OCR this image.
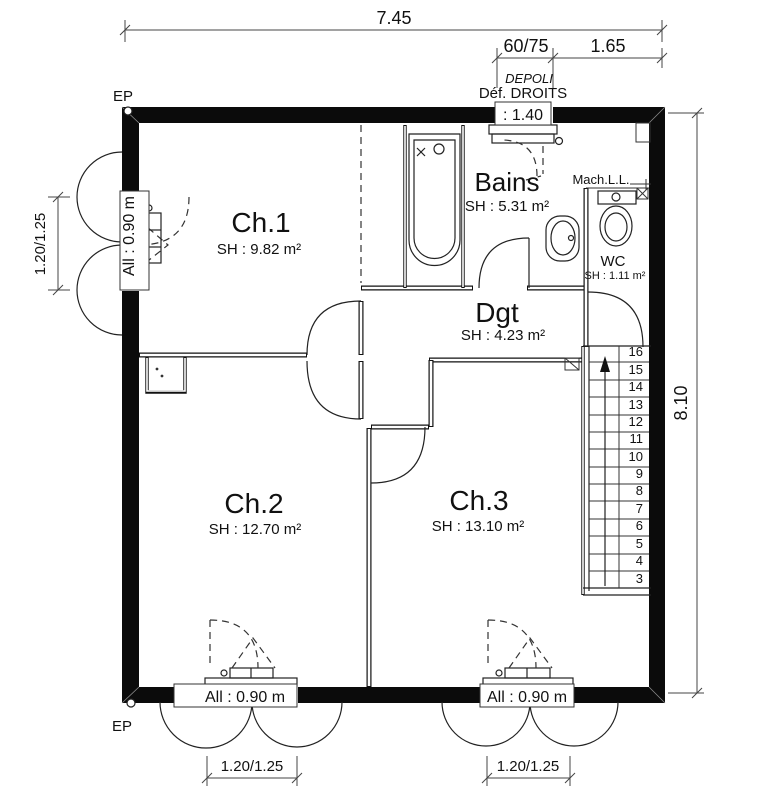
7.45
60/75 1.65
DEPOLI
Déf. DROITS
8.10
1.20/1.25	All : 0.90 m
: 1.40
EP
EP
16
15
14
13
12
11
10
9
8
7
6
5
4
3
All : 0.90 m
1.20/1.25
All : 0.90 m
1.20/1.25
Ch.1
SH : 9.82 m²
Bains
SH : 5.31 m²
Mach.L.L.
WC
SH : 1.11 m²
Dgt
SH : 4.23 m²
Ch.2
SH : 12.70 m²
Ch.3
SH : 13.10 m²
